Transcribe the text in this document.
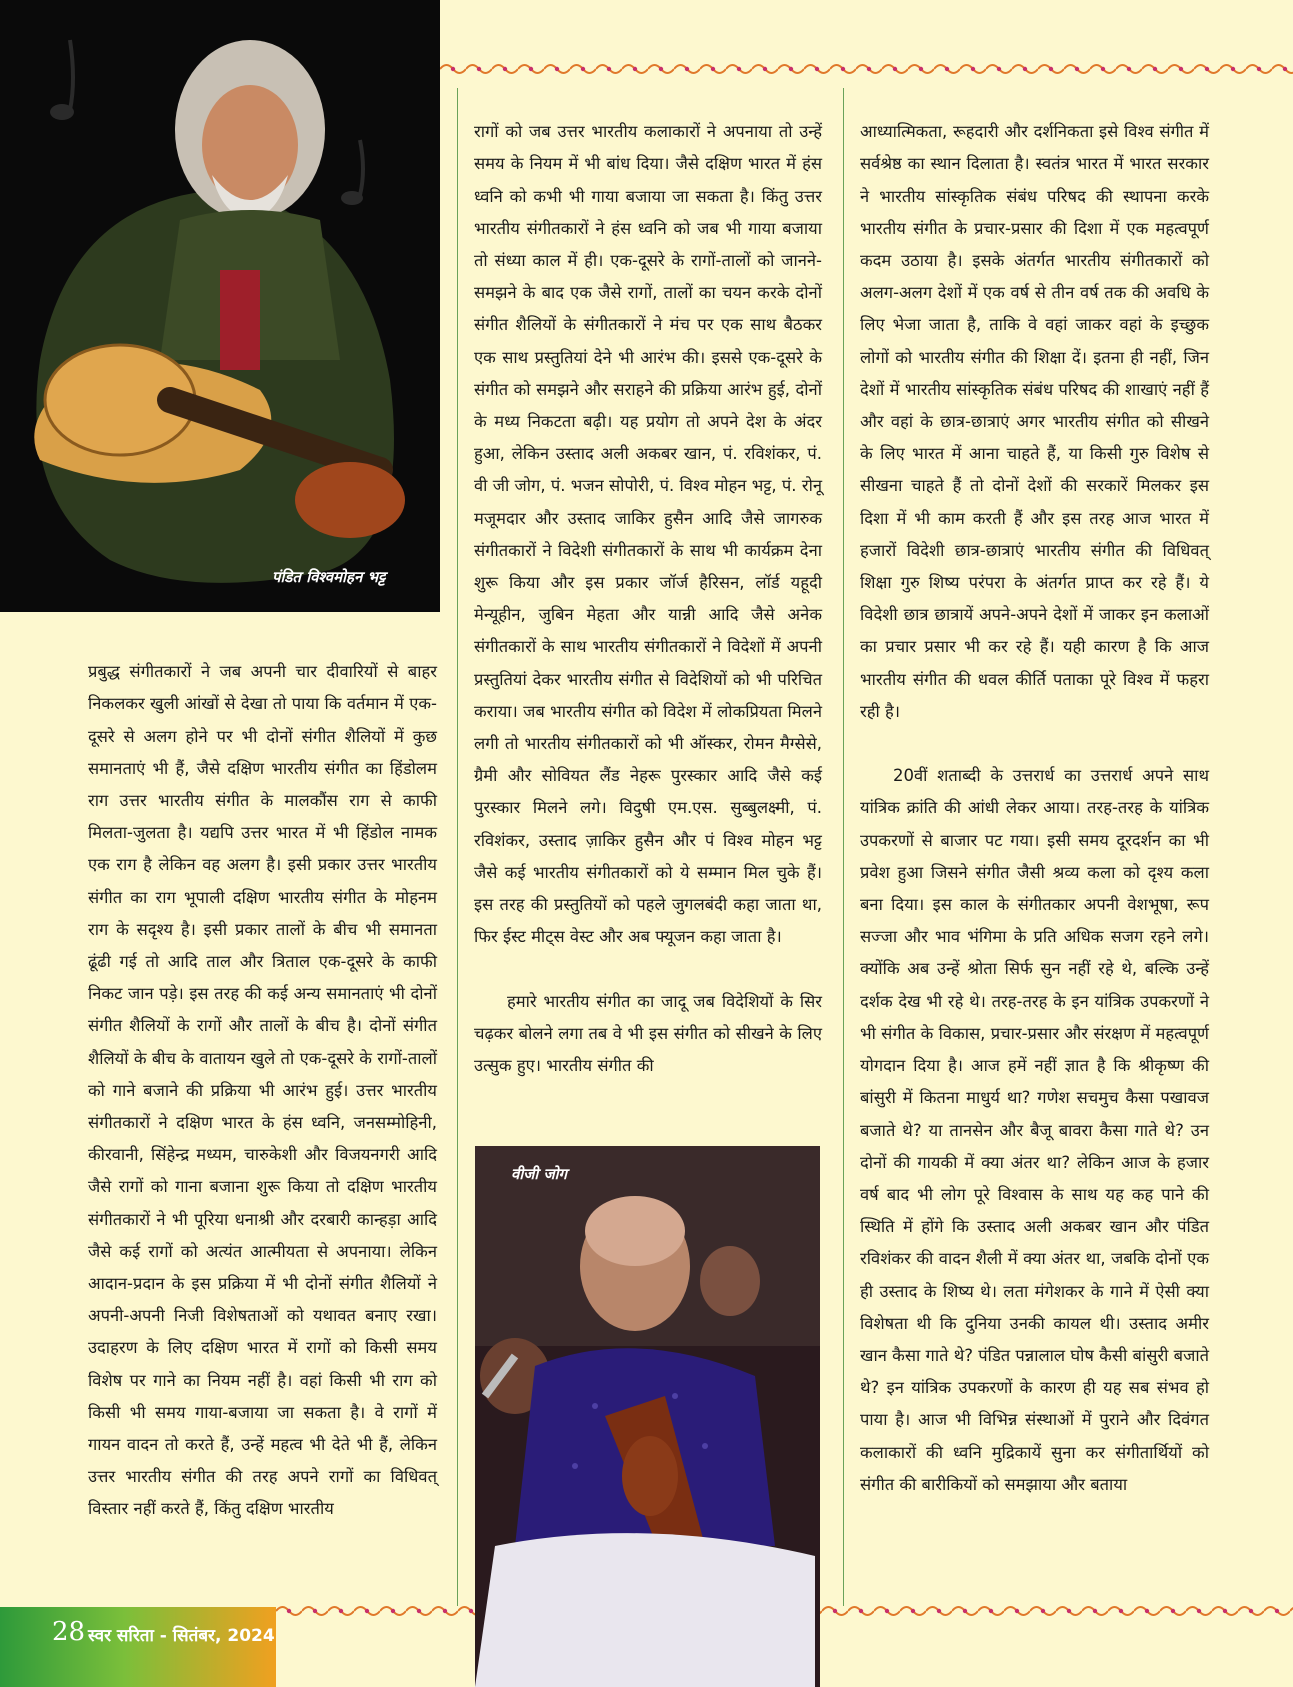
पंडित विश्वमोहन भट्ट
वीजी जोग

प्रबुद्ध संगीतकारों ने जब अपनी चार दीवारियों से बाहर निकलकर खुली आंखों से देखा तो पाया कि वर्तमान में एक-दूसरे से अलग होने पर भी दोनों संगीत शैलियों में कुछ समानताएं भी हैं, जैसे दक्षिण भारतीय संगीत का हिंडोलम राग उत्तर भारतीय संगीत के मालकौंस राग से काफी मिलता-जुलता है। यद्यपि उत्तर भारत में भी हिंडोल नामक एक राग है लेकिन वह अलग है। इसी प्रकार उत्तर भारतीय संगीत का राग भूपाली दक्षिण भारतीय संगीत के मोहनम राग के सदृश्य है। इसी प्रकार तालों के बीच भी समानता ढूंढी गई तो आदि ताल और त्रिताल एक-दूसरे के काफी निकट जान पड़े। इस तरह की कई अन्य समानताएं भी दोनों संगीत शैलियों के रागों और तालों के बीच है। दोनों संगीत शैलियों के बीच के वातायन खुले तो एक-दूसरे के रागों-तालों को गाने बजाने की प्रक्रिया भी आरंभ हुई। उत्तर भारतीय संगीतकारों ने दक्षिण भारत के हंस ध्वनि, जनसम्मोहिनी, कीरवानी, सिंहेन्द्र मध्यम, चारुकेशी और विजयनगरी आदि जैसे रागों को गाना बजाना शुरू किया तो दक्षिण भारतीय संगीतकारों ने भी पूरिया धनाश्री और दरबारी कान्हड़ा आदि जैसे कई रागों को अत्यंत आत्मीयता से अपनाया। लेकिन आदान-प्रदान के इस प्रक्रिया में भी दोनों संगीत शैलियों ने अपनी-अपनी निजी विशेषताओं को यथावत बनाए रखा। उदाहरण के लिए दक्षिण भारत में रागों को किसी समय विशेष पर गाने का नियम नहीं है। वहां किसी भी राग को किसी भी समय गाया-बजाया जा सकता है। वे रागों में गायन वादन तो करते हैं, उन्हें महत्व भी देते भी हैं, लेकिन उत्तर भारतीय संगीत की तरह अपने रागों का विधिवत् विस्तार नहीं करते हैं, किंतु दक्षिण भारतीय

रागों को जब उत्तर भारतीय कलाकारों ने अपनाया तो उन्हें समय के नियम में भी बांध दिया। जैसे दक्षिण भारत में हंस ध्वनि को कभी भी गाया बजाया जा सकता है। किंतु उत्तर भारतीय संगीतकारों ने हंस ध्वनि को जब भी गाया बजाया तो संध्या काल में ही। एक-दूसरे के रागों-तालों को जानने-समझने के बाद एक जैसे रागों, तालों का चयन करके दोनों संगीत शैलियों के संगीतकारों ने मंच पर एक साथ बैठकर एक साथ प्रस्तुतियां देने भी आरंभ की। इससे एक-दूसरे के संगीत को समझने और सराहने की प्रक्रिया आरंभ हुई, दोनों के मध्य निकटता बढ़ी। यह प्रयोग तो अपने देश के अंदर हुआ, लेकिन उस्ताद अली अकबर खान, पं. रविशंकर, पं. वी जी जोग, पं. भजन सोपोरी, पं. विश्व मोहन भट्ट, पं. रोनू मजूमदार और उस्ताद जाकिर हुसैन आदि जैसे जागरुक संगीतकारों ने विदेशी संगीतकारों के साथ भी कार्यक्रम देना शुरू किया और इस प्रकार जॉर्ज हैरिसन, लॉर्ड यहूदी मेन्यूहीन, जुबिन मेहता और यान्नी आदि जैसे अनेक संगीतकारों के साथ भारतीय संगीतकारों ने विदेशों में अपनी प्रस्तुतियां देकर भारतीय संगीत से विदेशियों को भी परिचित कराया। जब भारतीय संगीत को विदेश में लोकप्रियता मिलने लगी तो भारतीय संगीतकारों को भी ऑस्कर, रोमन मैग्सेसे, ग्रैमी और सोवियत लैंड नेहरू पुरस्कार आदि जैसे कई पुरस्कार मिलने लगे। विदुषी एम.एस. सुब्बुलक्ष्मी, पं. रविशंकर, उस्ताद ज़ाकिर हुसैन और पं विश्व मोहन भट्ट जैसे कई भारतीय संगीतकारों को ये सम्मान मिल चुके हैं। इस तरह की प्रस्तुतियों को पहले जुगलबंदी कहा जाता था, फिर ईस्ट मीट्स वेस्ट और अब फ्यूजन कहा जाता है।

हमारे भारतीय संगीत का जादू जब विदेशियों के सिर चढ़कर बोलने लगा तब वे भी इस संगीत को सीखने के लिए उत्सुक हुए। भारतीय संगीत की

आध्यात्मिकता, रूहदारी और दर्शनिकता इसे विश्व संगीत में सर्वश्रेष्ठ का स्थान दिलाता है। स्वतंत्र भारत में भारत सरकार ने भारतीय सांस्कृतिक संबंध परिषद की स्थापना करके भारतीय संगीत के प्रचार-प्रसार की दिशा में एक महत्वपूर्ण कदम उठाया है। इसके अंतर्गत भारतीय संगीतकारों को अलग-अलग देशों में एक वर्ष से तीन वर्ष तक की अवधि के लिए भेजा जाता है, ताकि वे वहां जाकर वहां के इच्छुक लोगों को भारतीय संगीत की शिक्षा दें। इतना ही नहीं, जिन देशों में भारतीय सांस्कृतिक संबंध परिषद की शाखाएं नहीं हैं और वहां के छात्र-छात्राएं अगर भारतीय संगीत को सीखने के लिए भारत में आना चाहते हैं, या किसी गुरु विशेष से सीखना चाहते हैं तो दोनों देशों की सरकारें मिलकर इस दिशा में भी काम करती हैं और इस तरह आज भारत में हजारों विदेशी छात्र-छात्राएं भारतीय संगीत की विधिवत् शिक्षा गुरु शिष्य परंपरा के अंतर्गत प्राप्त कर रहे हैं। ये विदेशी छात्र छात्रायें अपने-अपने देशों में जाकर इन कलाओं का प्रचार प्रसार भी कर रहे हैं। यही कारण है कि आज भारतीय संगीत की धवल कीर्ति पताका पूरे विश्व में फहरा रही है।

20वीं शताब्दी के उत्तरार्ध का उत्तरार्ध अपने साथ यांत्रिक क्रांति की आंधी लेकर आया। तरह-तरह के यांत्रिक उपकरणों से बाजार पट गया। इसी समय दूरदर्शन का भी प्रवेश हुआ जिसने संगीत जैसी श्रव्य कला को दृश्य कला बना दिया। इस काल के संगीतकार अपनी वेशभूषा, रूप सज्जा और भाव भंगिमा के प्रति अधिक सजग रहने लगे। क्योंकि अब उन्हें श्रोता सिर्फ सुन नहीं रहे थे, बल्कि उन्हें दर्शक देख भी रहे थे। तरह-तरह के इन यांत्रिक उपकरणों ने भी संगीत के विकास, प्रचार-प्रसार और संरक्षण में महत्वपूर्ण योगदान दिया है। आज हमें नहीं ज्ञात है कि श्रीकृष्ण की बांसुरी में कितना माधुर्य था? गणेश सचमुच कैसा पखावज बजाते थे? या तानसेन और बैजू बावरा कैसा गाते थे? उन दोनों की गायकी में क्या अंतर था? लेकिन आज के हजार वर्ष बाद भी लोग पूरे विश्वास के साथ यह कह पाने की स्थिति में होंगे कि उस्ताद अली अकबर खान और पंडित रविशंकर की वादन शैली में क्या अंतर था, जबकि दोनों एक ही उस्ताद के शिष्य थे। लता मंगेशकर के गाने में ऐसी क्या विशेषता थी कि दुनिया उनकी कायल थी। उस्ताद अमीर खान कैसा गाते थे? पंडित पन्नालाल घोष कैसी बांसुरी बजाते थे? इन यांत्रिक उपकरणों के कारण ही यह सब संभव हो पाया है। आज भी विभिन्न संस्थाओं में पुराने और दिवंगत कलाकारों की ध्वनि मुद्रिकायें सुना कर संगीतार्थियों को संगीत की बारीकियों को समझाया और बताया

28 स्वर सरिता - सितंबर, 2024
